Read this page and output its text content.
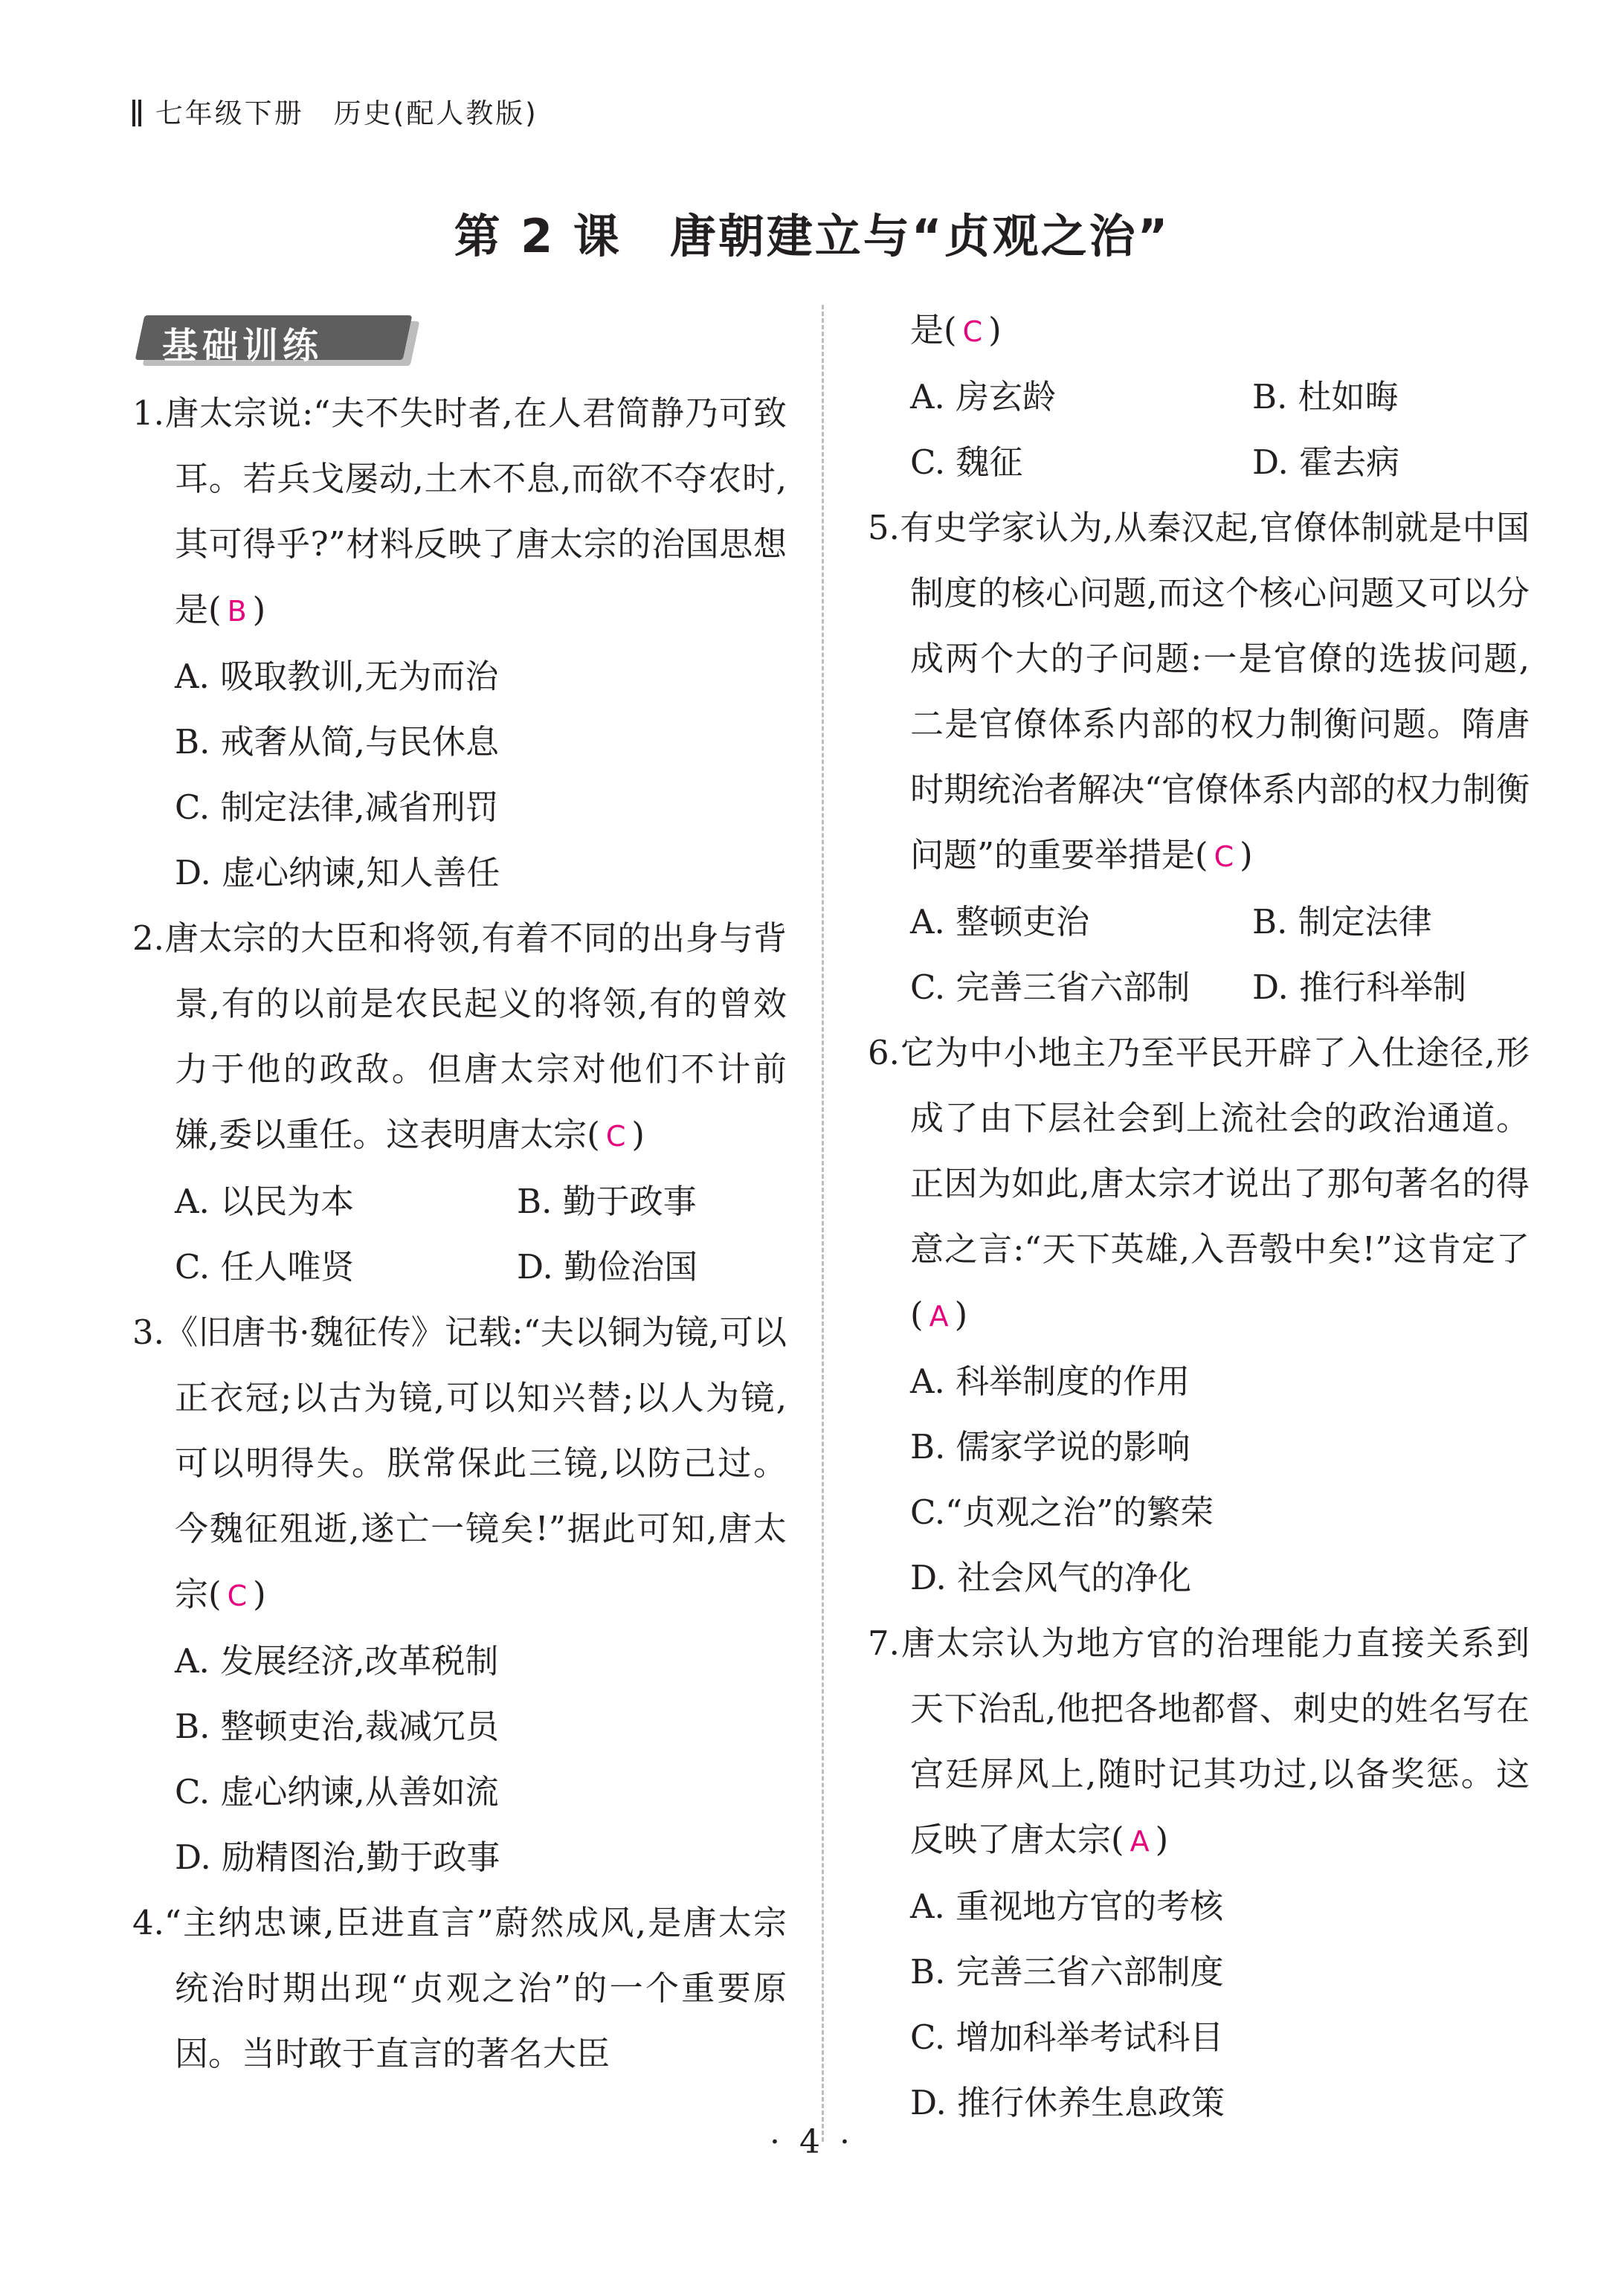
七年级下册　历史(配人教版)
第 2 课　唐朝建立与“贞观之治”
基础训练
1.唐太宗说:“夫不失时者,在人君简静乃可致耳。若兵戈屡动,土木不息,而欲不夺农时,其可得乎?”材料反映了唐太宗的治国思想是( B )
A. 吸取教训,无为而治
B. 戒奢从简,与民休息
C. 制定法律,减省刑罚
D. 虚心纳谏,知人善任
2.唐太宗的大臣和将领,有着不同的出身与背景,有的以前是农民起义的将领,有的曾效力于他的政敌。但唐太宗对他们不计前嫌,委以重任。这表明唐太宗( C )
A. 以民为本	B. 勤于政事
C. 任人唯贤	D. 勤俭治国
3.《旧唐书·魏征传》记载:“夫以铜为镜,可以正衣冠;以古为镜,可以知兴替;以人为镜,可以明得失。朕常保此三镜,以防己过。今魏征殂逝,遂亡一镜矣!”据此可知,唐太宗( C )
A. 发展经济,改革税制
B. 整顿吏治,裁减冗员
C. 虚心纳谏,从善如流
D. 励精图治,勤于政事
4.“主纳忠谏,臣进直言”蔚然成风,是唐太宗统治时期出现“贞观之治”的一个重要原因。当时敢于直言的著名大臣
是( C )
A. 房玄龄	B. 杜如晦
C. 魏征	D. 霍去病
5.有史学家认为,从秦汉起,官僚体制就是中国制度的核心问题,而这个核心问题又可以分成两个大的子问题:一是官僚的选拔问题,二是官僚体系内部的权力制衡问题。隋唐时期统治者解决“官僚体系内部的权力制衡问题”的重要举措是( C )
A. 整顿吏治	B. 制定法律
C. 完善三省六部制	D. 推行科举制
6.它为中小地主乃至平民开辟了入仕途径,形成了由下层社会到上流社会的政治通道。正因为如此,唐太宗才说出了那句著名的得意之言:“天下英雄,入吾彀中矣!”这肯定了( A )
A. 科举制度的作用
B. 儒家学说的影响
C.“贞观之治”的繁荣
D. 社会风气的净化
7.唐太宗认为地方官的治理能力直接关系到天下治乱,他把各地都督、刺史的姓名写在宫廷屏风上,随时记其功过,以备奖惩。这反映了唐太宗( A )
A. 重视地方官的考核
B. 完善三省六部制度
C. 增加科举考试科目
D. 推行休养生息政策
· 4 ·
